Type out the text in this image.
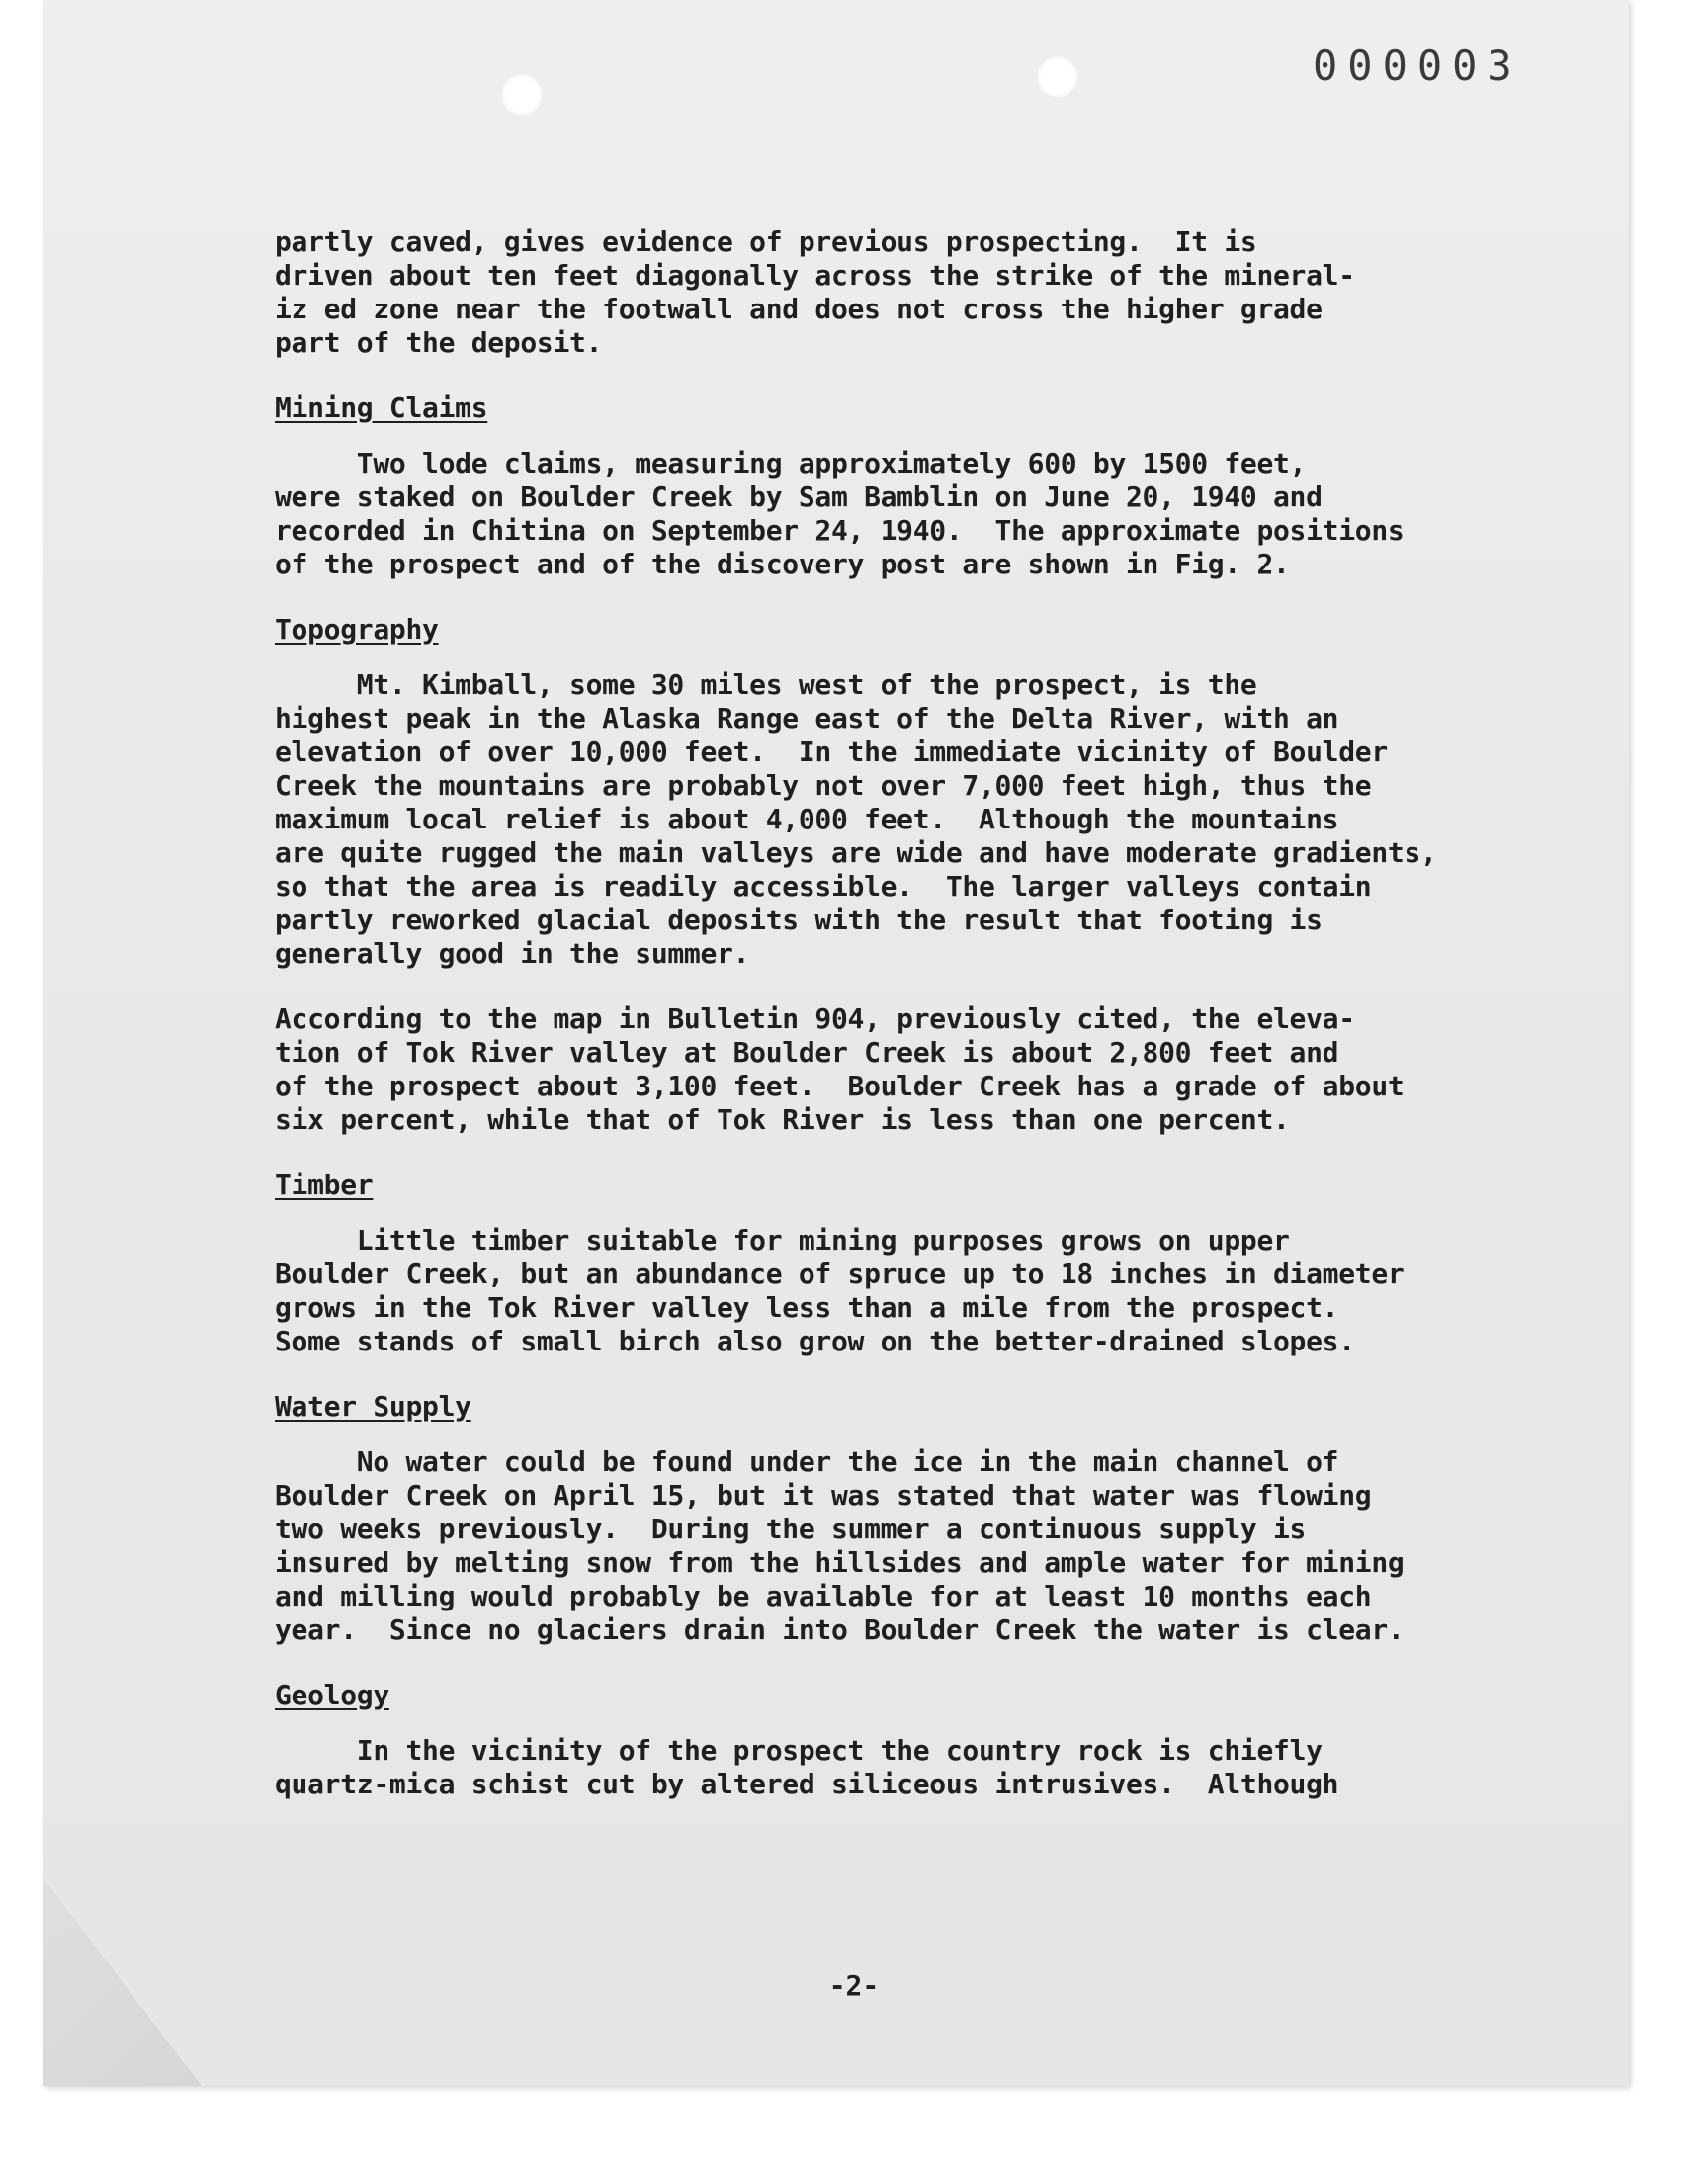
000003

partly caved, gives evidence of previous prospecting.  It is
driven about ten feet diagonally across the strike of the mineral-
iz ed zone near the footwall and does not cross the higher grade
part of the deposit.

Mining Claims

Two lode claims, measuring approximately 600 by 1500 feet,
were staked on Boulder Creek by Sam Bamblin on June 20, 1940 and
recorded in Chitina on September 24, 1940.  The approximate positions
of the prospect and of the discovery post are shown in Fig. 2.

Topography

Mt. Kimball, some 30 miles west of the prospect, is the
highest peak in the Alaska Range east of the Delta River, with an
elevation of over 10,000 feet.  In the immediate vicinity of Boulder
Creek the mountains are probably not over 7,000 feet high, thus the
maximum local relief is about 4,000 feet.  Although the mountains
are quite rugged the main valleys are wide and have moderate gradients,
so that the area is readily accessible.  The larger valleys contain
partly reworked glacial deposits with the result that footing is
generally good in the summer.

According to the map in Bulletin 904, previously cited, the eleva-
tion of Tok River valley at Boulder Creek is about 2,800 feet and
of the prospect about 3,100 feet.  Boulder Creek has a grade of about
six percent, while that of Tok River is less than one percent.

Timber

Little timber suitable for mining purposes grows on upper
Boulder Creek, but an abundance of spruce up to 18 inches in diameter
grows in the Tok River valley less than a mile from the prospect.
Some stands of small birch also grow on the better-drained slopes.

Water Supply

No water could be found under the ice in the main channel of
Boulder Creek on April 15, but it was stated that water was flowing
two weeks previously.  During the summer a continuous supply is
insured by melting snow from the hillsides and ample water for mining
and milling would probably be available for at least 10 months each
year.  Since no glaciers drain into Boulder Creek the water is clear.

Geology

In the vicinity of the prospect the country rock is chiefly
quartz-mica schist cut by altered siliceous intrusives.  Although

-2-
